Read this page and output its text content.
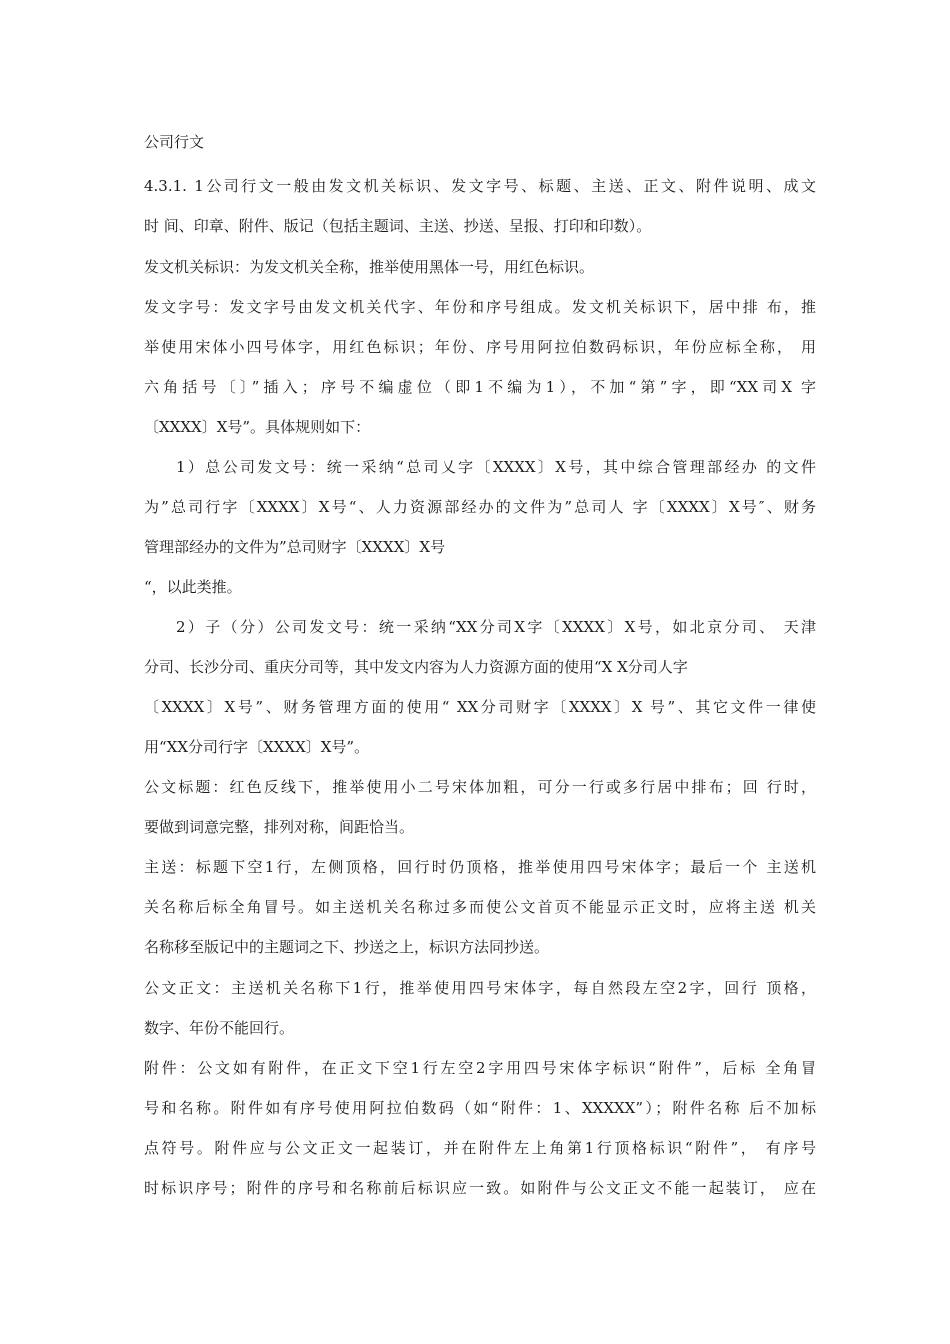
公司行文
4.3.1. 1公司行文一般由发文机关标识、发文字号、标题、主送、正文、附件说明、成文
时 间、印章、附件、版记（包括主题词、主送、抄送、呈报、打印和印数）。
发文机关标识：为发文机关全称，推举使用黑体一号，用红色标识。
发文字号：发文字号由发文机关代字、年份和序号组成。发文机关标识下，居中排 布，推
举使用宋体小四号体字，用红色标识；年份、序号用阿拉伯数码标识，年份应标全称， 用
六角括号〔〕”插入；序号不编虚位（即1不编为1），不加“第”字，即“XX司X 字
〔XXXX〕X号”。具体规则如下：
1）总公司发文号：统一采纳“总司乂字〔XXXX〕X号，其中综合管理部经办 的文件
为”总司行字〔XXXX〕X号“、人力资源部经办的文件为”总司人 字〔XXXX〕X号″、财务
管理部经办的文件为”总司财字〔XXXX〕X号
“，以此类推。
2）子（分）公司发文号：统一采纳“XX分司X字〔XXXX〕X号，如北京分司、 天津
分司、长沙分司、重庆分司等，其中发文内容为人力资源方面的使用“X X分司人字
〔XXXX〕X号”、财务管理方面的使用“ XX分司财字〔XXXX〕X 号”、其它文件一律使
用“XX分司行字〔XXXX〕X号”。
公文标题：红色反线下，推举使用小二号宋体加粗，可分一行或多行居中排布；回 行时，
要做到词意完整，排列对称，间距恰当。
主送：标题下空1行，左侧顶格，回行时仍顶格，推举使用四号宋体字；最后一个 主送机
关名称后标全角冒号。如主送机关名称过多而使公文首页不能显示正文时，应将主送 机关
名称移至版记中的主题词之下、抄送之上，标识方法同抄送。
公文正文：主送机关名称下1行，推举使用四号宋体字，每自然段左空2字，回行 顶格，
数字、年份不能回行。
附件：公文如有附件，在正文下空1行左空2字用四号宋体字标识“附件”，后标 全角冒
号和名称。附件如有序号使用阿拉伯数码（如“附件：1、XXXXX”）；附件名称 后不加标
点符号。附件应与公文正文一起装订，并在附件左上角第1行顶格标识“附件”， 有序号
时标识序号；附件的序号和名称前后标识应一致。如附件与公文正文不能一起装订， 应在
